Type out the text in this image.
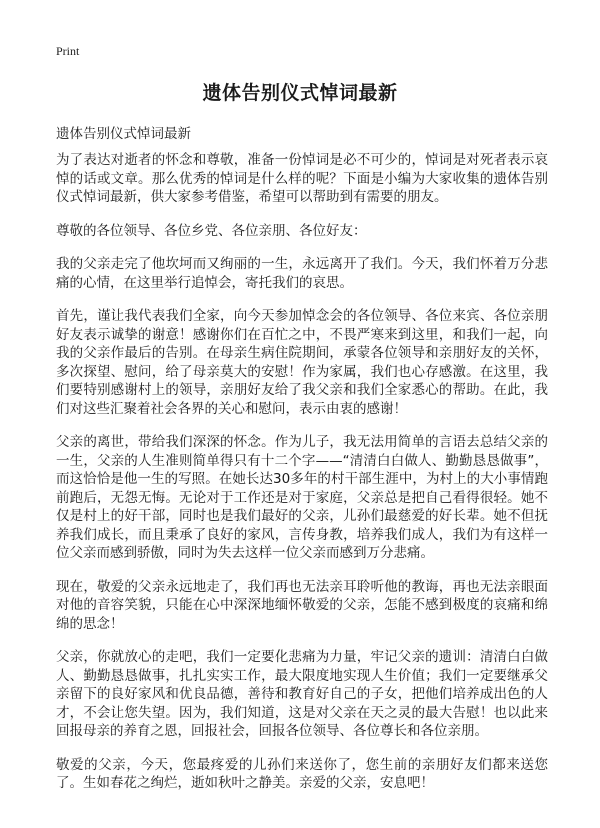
Print
遗体告别仪式悼词最新

遗体告别仪式悼词最新

为了表达对逝者的怀念和尊敬，准备一份悼词是必不可少的，悼词是对死者表示哀悼的话或文章。那么优秀的悼词是什么样的呢？下面是小编为大家收集的遗体告别仪式悼词最新，供大家参考借鉴，希望可以帮助到有需要的朋友。

尊敬的各位领导、各位乡党、各位亲朋、各位好友：

我的父亲走完了他坎坷而又绚丽的一生，永远离开了我们。今天，我们怀着万分悲痛的心情，在这里举行追悼会，寄托我们的哀思。

首先，谨让我代表我们全家，向今天参加悼念会的各位领导、各位来宾、各位亲朋好友表示诚挚的谢意！感谢你们在百忙之中，不畏严寒来到这里，和我们一起，向我的父亲作最后的告别。在母亲生病住院期间，承蒙各位领导和亲朋好友的关怀，多次探望、慰问，给了母亲莫大的安慰！作为家属，我们也心存感激。在这里，我们要特别感谢村上的领导，亲朋好友给了我父亲和我们全家悉心的帮助。在此，我们对这些汇聚着社会各界的关心和慰问，表示由衷的感谢！

父亲的离世，带给我们深深的怀念。作为儿子，我无法用简单的言语去总结父亲的一生，父亲的人生准则简单得只有十二个字——“清清白白做人、勤勤恳恳做事”，而这恰恰是他一生的写照。在她长达30多年的村干部生涯中，为村上的大小事情跑前跑后，无怨无悔。无论对于工作还是对于家庭，父亲总是把自己看得很轻。她不仅是村上的好干部，同时也是我们最好的父亲，儿孙们最慈爱的好长辈。她不但抚养我们成长，而且秉承了良好的家风，言传身教，培养我们成人，我们为有这样一位父亲而感到骄傲，同时为失去这样一位父亲而感到万分悲痛。

现在，敬爱的父亲永远地走了，我们再也无法亲耳聆听他的教诲，再也无法亲眼面对他的音容笑貌，只能在心中深深地缅怀敬爱的父亲，怎能不感到极度的哀痛和绵绵的思念！

父亲，你就放心的走吧，我们一定要化悲痛为力量，牢记父亲的遗训：清清白白做人、勤勤恳恳做事，扎扎实实工作，最大限度地实现人生价值；我们一定要继承父亲留下的良好家风和优良品德，善待和教育好自己的子女，把他们培养成出色的人才，不会让您失望。因为，我们知道，这是对父亲在天之灵的最大告慰！也以此来回报母亲的养育之恩，回报社会，回报各位领导、各位尊长和各位亲朋。

敬爱的父亲，今天，您最疼爱的儿孙们来送你了，您生前的亲朋好友们都来送您了。生如春花之绚烂，逝如秋叶之静美。亲爱的父亲，安息吧！
